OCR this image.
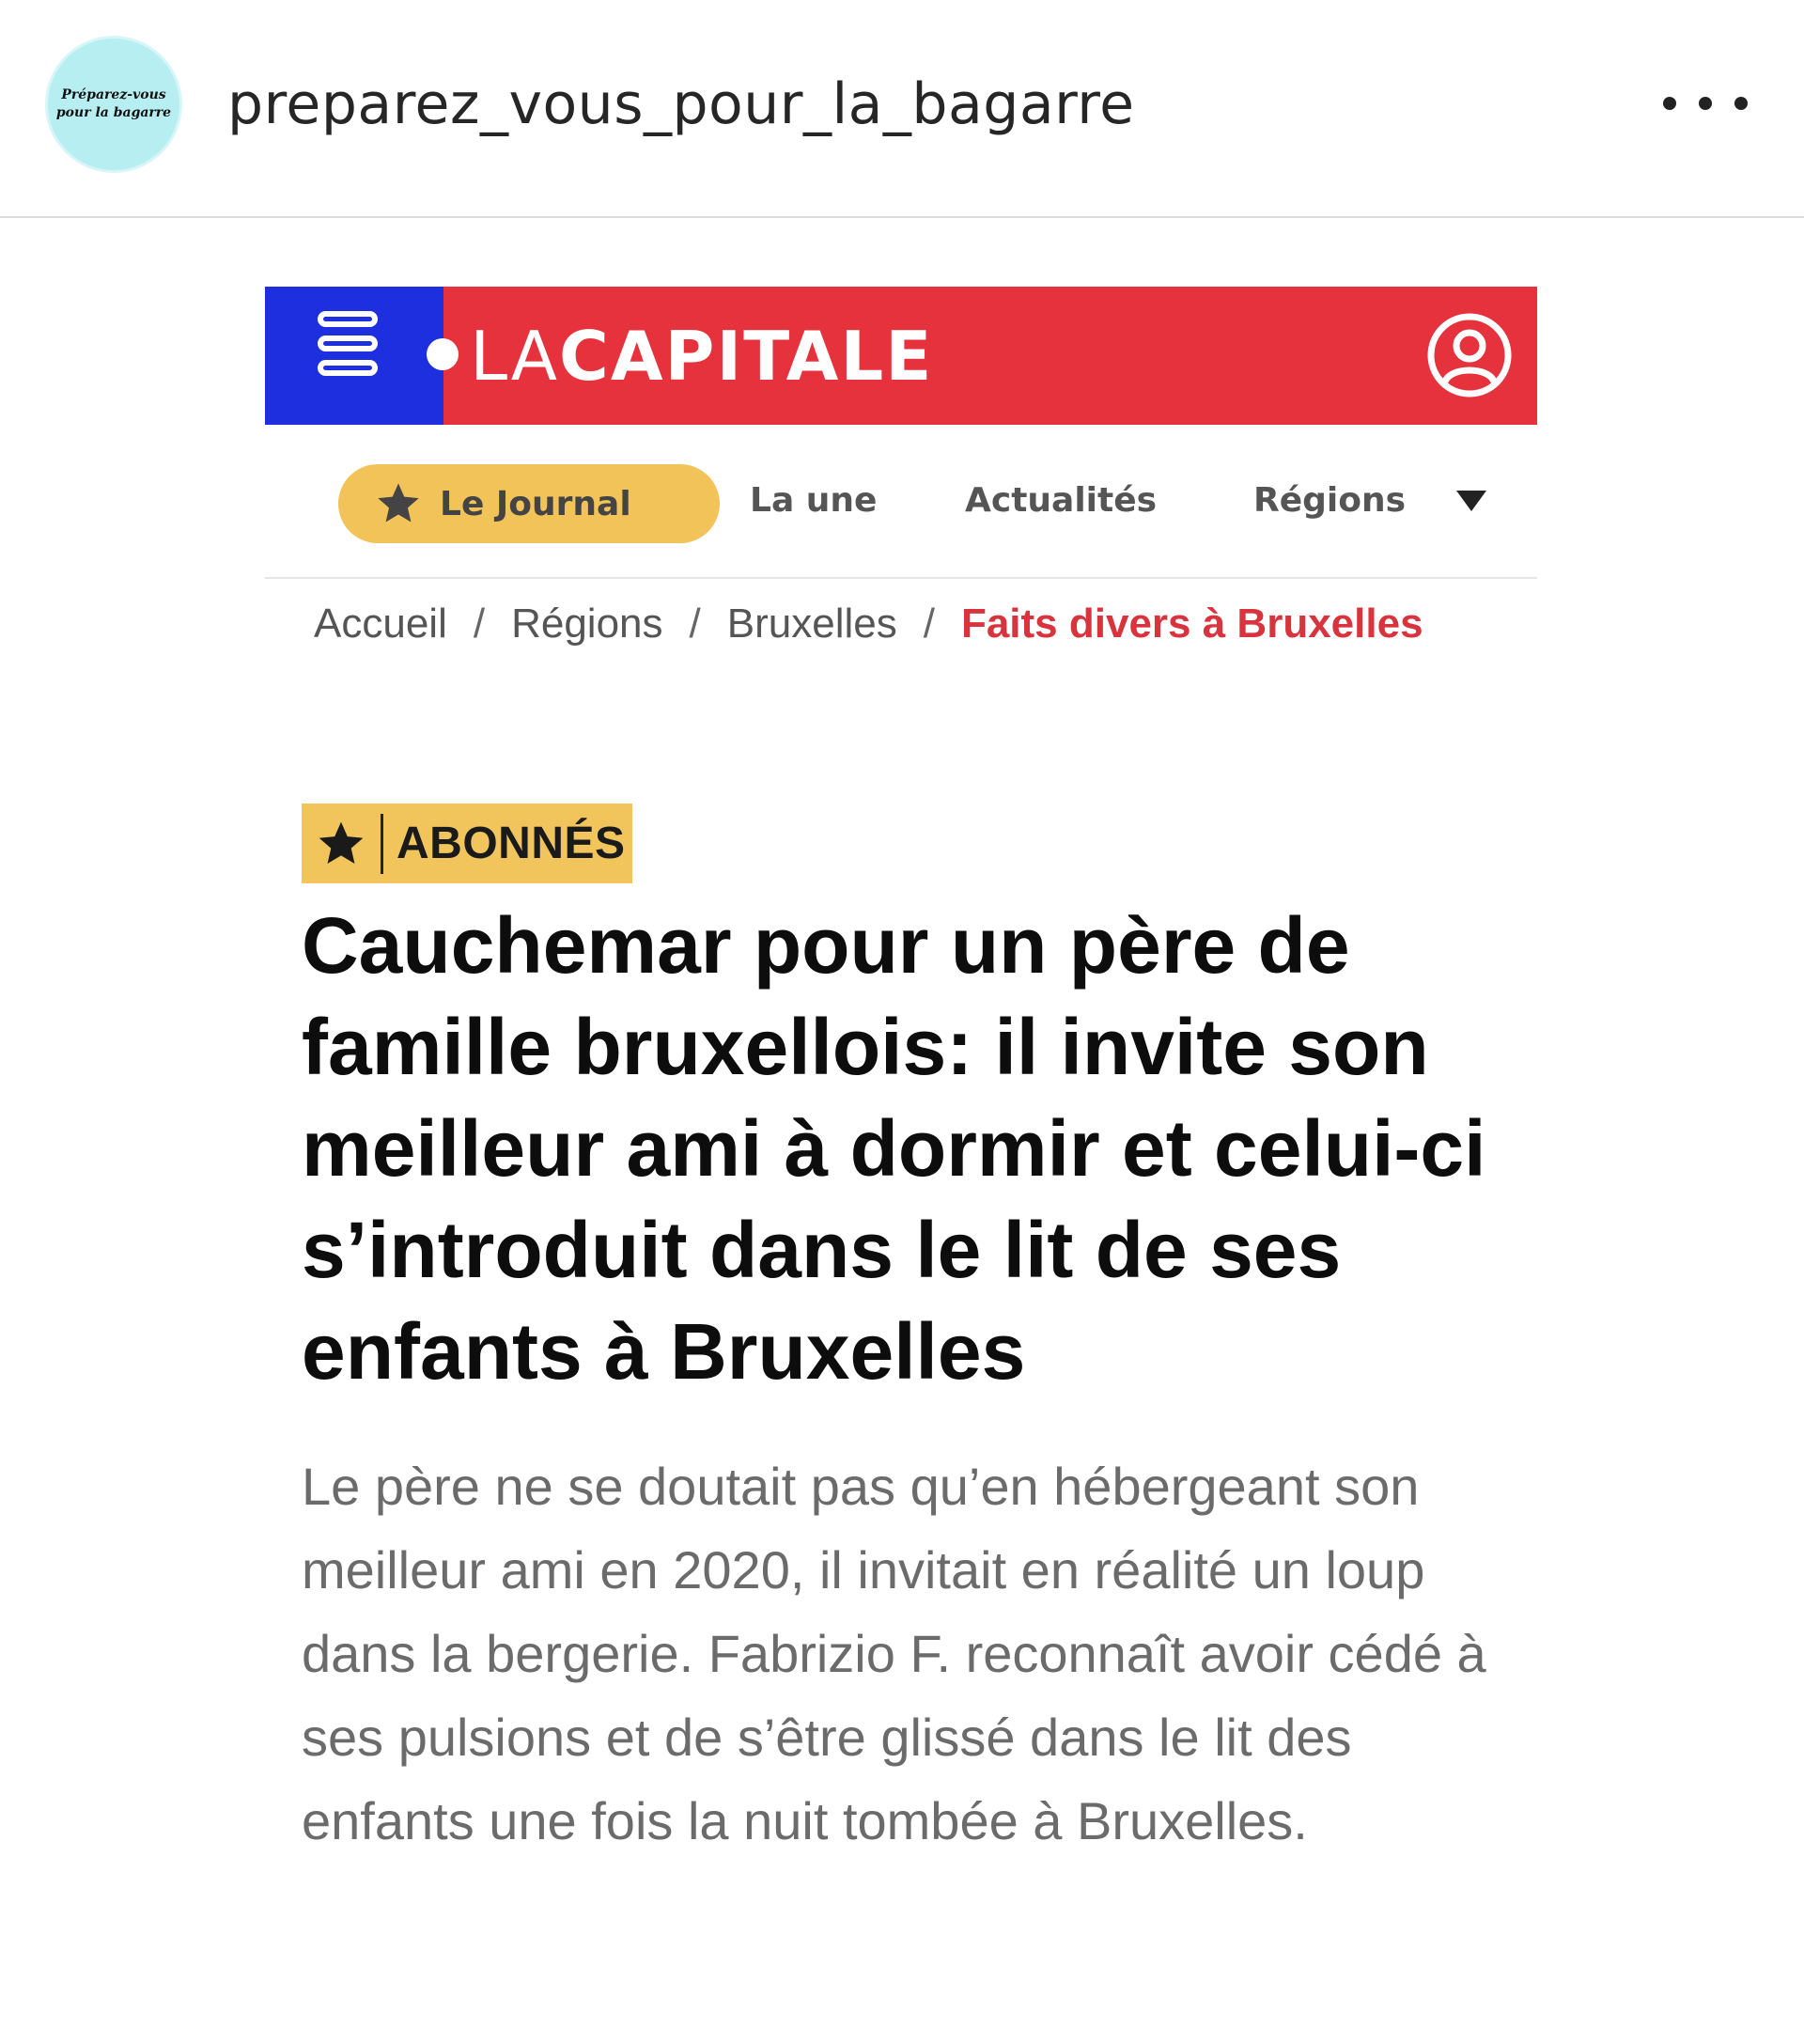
Préparez-vous
pour la bagarre preparez_vous_pour_la_bagarre
LACAPITALE
Le Journal	La une	Actualités	Régions
Accueil / Régions / Bruxelles / Faits divers à Bruxelles
ABONNÉS
Cauchemar pour un père de famille bruxellois: il invite son meilleur ami à dormir et celui-ci s’introduit dans le lit de ses enfants à Bruxelles

Le père ne se doutait pas qu’en hébergeant son meilleur ami en 2020, il invitait en réalité un loup dans la bergerie. Fabrizio F. reconnaît avoir cédé à ses pulsions et de s’être glissé dans le lit des enfants une fois la nuit tombée à Bruxelles.
